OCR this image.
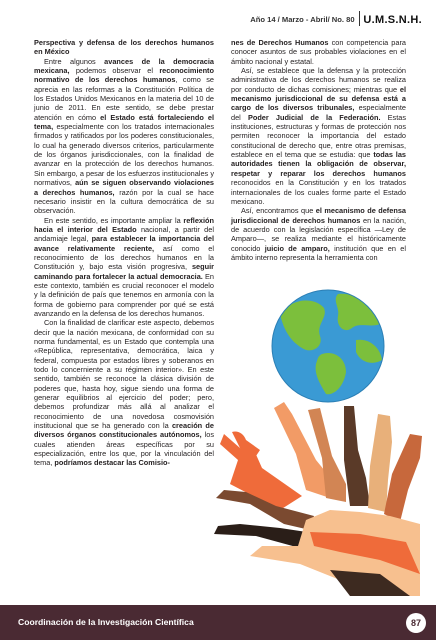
Año 14 / Marzo - Abril/ No. 80 U.M.S.N.H.

Perspectiva y defensa de los derechos humanos en México

Entre algunos avances de la democracia mexicana, podemos observar el reconocimiento normativo de los derechos humanos, como se aprecia en las reformas a la Constitución Política de los Estados Unidos Mexicanos en la materia del 10 de junio de 2011. En este sentido, se debe prestar atención en cómo el Estado está fortaleciendo el tema, especialmente con los tratados internacionales firmados y ratificados por los poderes constitucionales, lo cual ha generado diversos criterios, particularmente de los órganos jurisdiccionales, con la finalidad de avanzar en la protección de los derechos humanos. Sin embargo, a pesar de los esfuerzos institucionales y normativos, aún se siguen observando violaciones a derechos humanos, razón por la cual se hace necesario insistir en la cultura democrática de su observación.

En este sentido, es importante ampliar la reflexión hacia el interior del Estado nacional, a partir del andamiaje legal, para establecer la importancia del avance relativamente reciente, así como el reconocimiento de los derechos humanos en la Constitución y, bajo esta visión progresiva, seguir caminando para fortalecer la actual democracia. En este contexto, también es crucial reconocer el modelo y la definición de país que tenemos en armonía con la forma de gobierno para comprender por qué se está avanzando en la defensa de los derechos humanos.

Con la finalidad de clarificar este aspecto, debemos decir que la nación mexicana, de conformidad con su norma fundamental, es un Estado que contempla una «República, representativa, democrática, laica y federal, compuesta por estados libres y soberanos en todo lo concerniente a su régimen interior». En este sentido, también se reconoce la clásica división de poderes que, hasta hoy, sigue siendo una forma de generar equilibrios al ejercicio del poder; pero, debemos profundizar más allá al analizar el reconocimiento de una novedosa cosmovisión institucional que se ha generado con la creación de diversos órganos constitucionales autónomos, los cuales atienden áreas específicas por su especialización, entre los que, por la vinculación del tema, podríamos destacar las Comisio-

nes de Derechos Humanos con competencia para conocer asuntos de sus probables violaciones en el ámbito nacional y estatal.

Así, se establece que la defensa y la protección administrativa de los derechos humanos se realiza por conducto de dichas comisiones; mientras que el mecanismo jurisdiccional de su defensa está a cargo de los diversos tribunales, especialmente del Poder Judicial de la Federación. Estas instituciones, estructuras y formas de protección nos permiten reconocer la importancia del estado constitucional de derecho que, entre otras premisas, establece en el tema que se estudia: que todas las autoridades tienen la obligación de observar, respetar y reparar los derechos humanos reconocidos en la Constitución y en los tratados internacionales de los cuales forme parte el Estado mexicano.

Así, encontramos que el mecanismo de defensa jurisdiccional de derechos humanos en la nación, de acuerdo con la legislación específica —Ley de Amparo—, se realiza mediante el históricamente conocido juicio de amparo, institución que en el ámbito interno representa la herramienta con

Coordinación de la Investigación Científica	87
